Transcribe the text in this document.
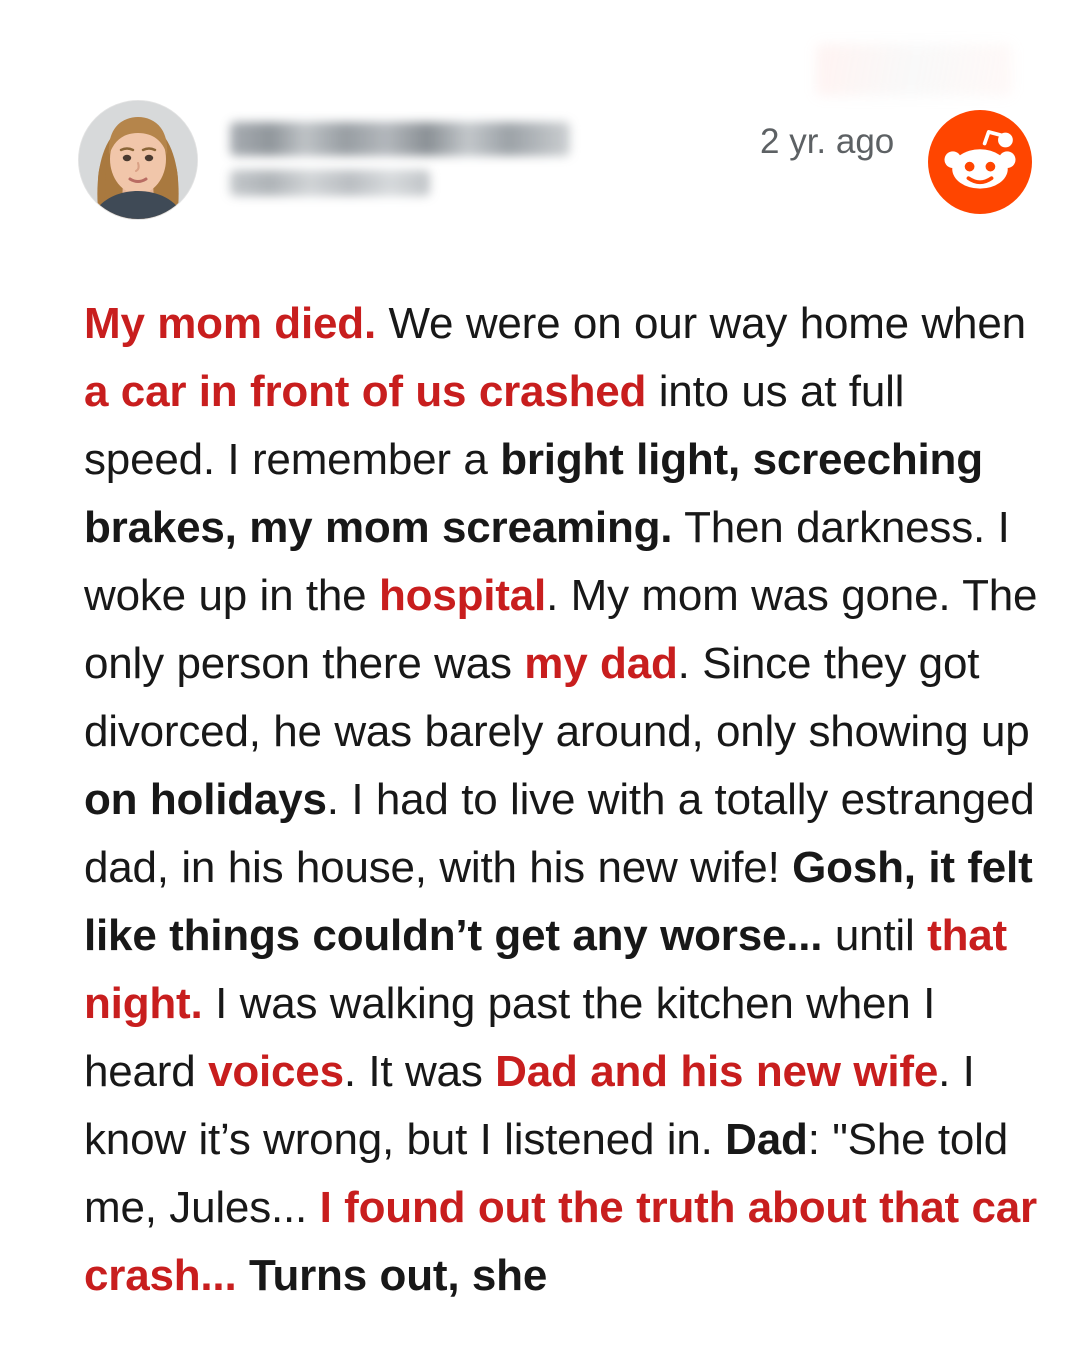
2 yr. ago
My mom died. We were on our way home when a car in front of us crashed into us at full speed. I remember a bright light, screeching brakes, my mom screaming. Then darkness. I woke up in the hospital. My mom was gone. The only person there was my dad. Since they got divorced, he was barely around, only showing up on holidays. I had to live with a totally estranged dad, in his house, with his new wife! Gosh, it felt like things couldn’t get any worse... until that night. I was walking past the kitchen when I heard voices. It was Dad and his new wife. I know it’s wrong, but I listened in. Dad: "She told me, Jules... I found out the truth about that car crash... Turns out, she
